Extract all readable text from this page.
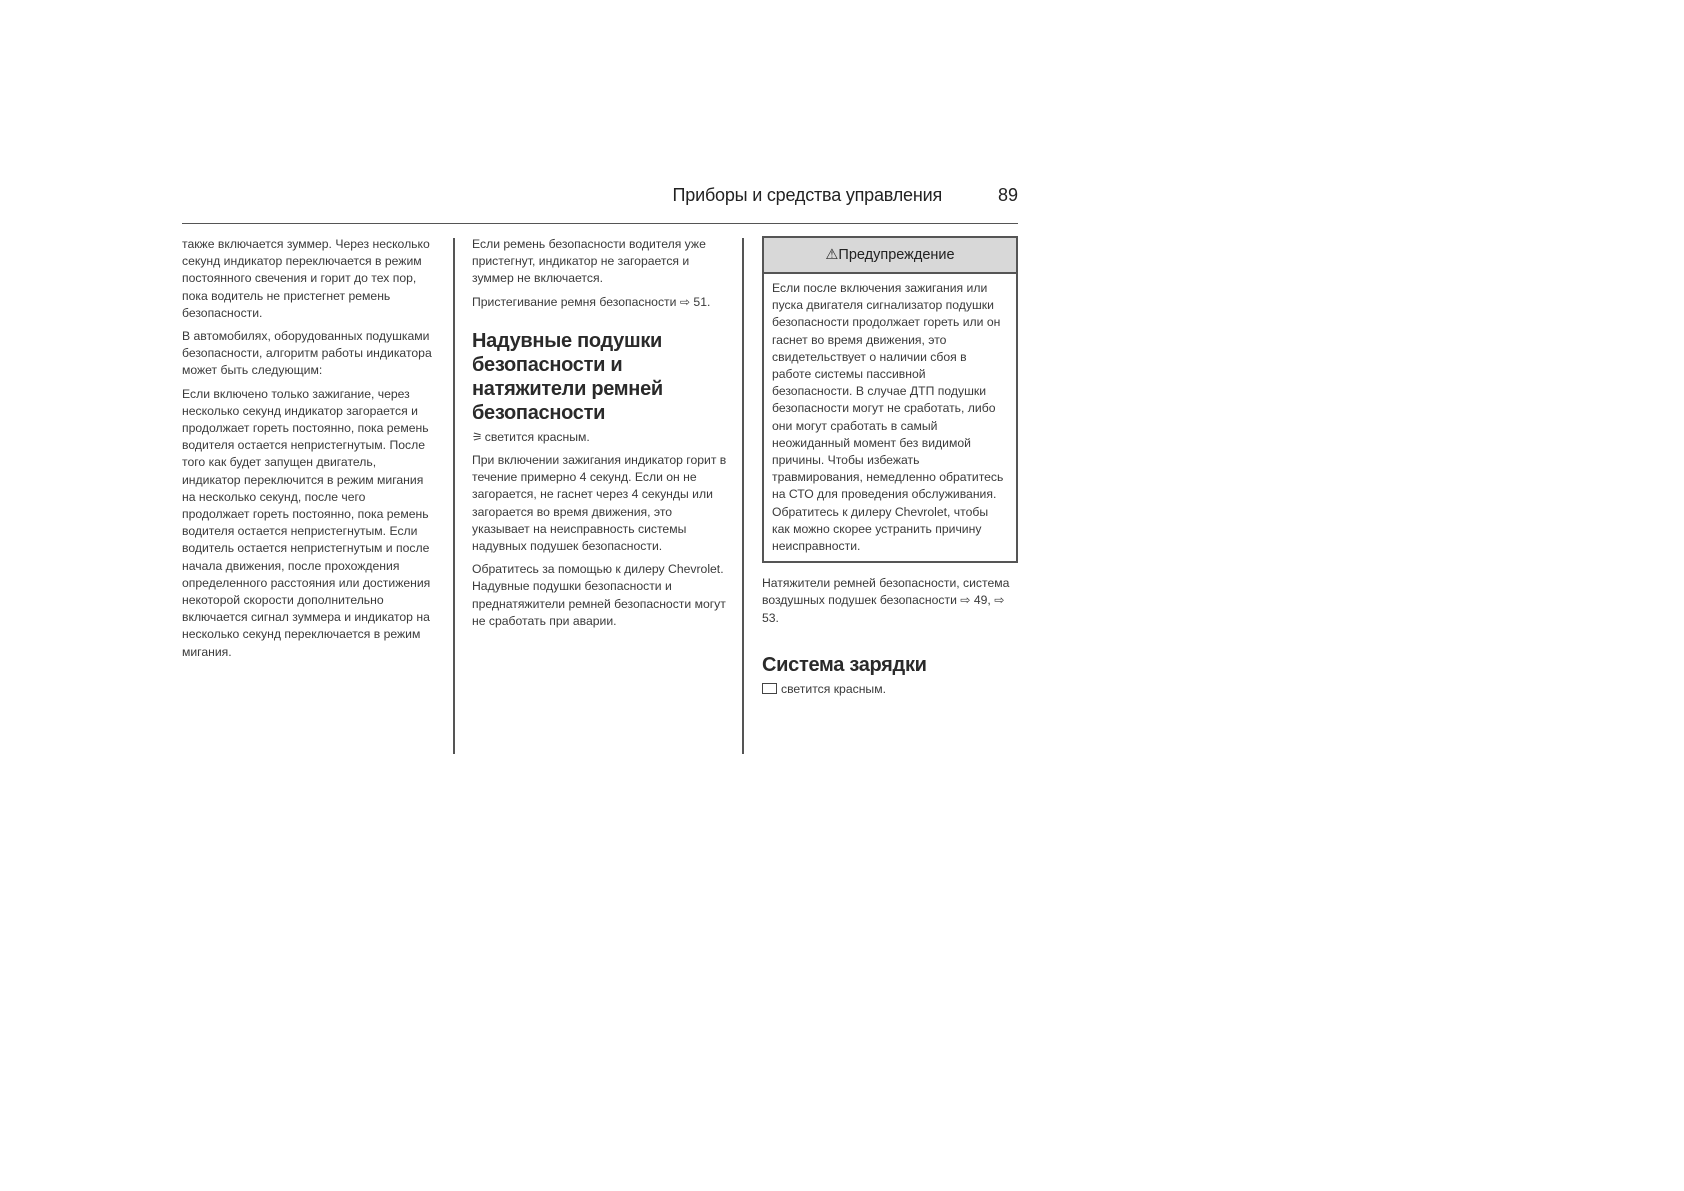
Приборы и средства управления	89

также включается зуммер. Через несколько секунд индикатор переключается в режим постоянного свечения и горит до тех пор, пока водитель не пристегнет ремень безопасности.

В автомобилях, оборудованных подушками безопасности, алгоритм работы индикатора может быть следующим:

Если включено только зажигание, через несколько секунд индикатор загорается и продолжает гореть постоянно, пока ремень водителя остается непристегнутым. После того как будет запущен двигатель, индикатор переключится в режим мигания на несколько секунд, после чего продолжает гореть постоянно, пока ремень водителя остается непристегнутым. Если водитель остается непристегнутым и после начала движения, после прохождения определенного расстояния или достижения некоторой скорости дополнительно включается сигнал зуммера и индикатор на несколько секунд переключается в режим мигания.

Если ремень безопасности водителя уже пристегнут, индикатор не загорается и зуммер не включается.

Пристегивание ремня безопасности ⇨ 51.

Надувные подушки безопасности и натяжители ремней безопасности

⚞ светится красным.

При включении зажигания индикатор горит в течение примерно 4 секунд. Если он не загорается, не гаснет через 4 секунды или загорается во время движения, это указывает на неисправность системы надувных подушек безопасности.

Обратитесь за помощью к дилеру Chevrolet. Надувные подушки безопасности и преднатяжители ремней безопасности могут не сработать при аварии.

⚠Предупреждение
Если после включения зажигания или пуска двигателя сигнализатор подушки безопасности продолжает гореть или он гаснет во время движения, это свидетельствует о наличии сбоя в работе системы пассивной безопасности. В случае ДТП подушки безопасности могут не сработать, либо они могут сработать в самый неожиданный момент без видимой причины. Чтобы избежать травмирования, немедленно обратитесь на СТО для проведения обслуживания. Обратитесь к дилеру Chevrolet, чтобы как можно скорее устранить причину неисправности.

Натяжители ремней безопасности, система воздушных подушек безопасности ⇨ 49, ⇨ 53.

Система зарядки

светится красным.
